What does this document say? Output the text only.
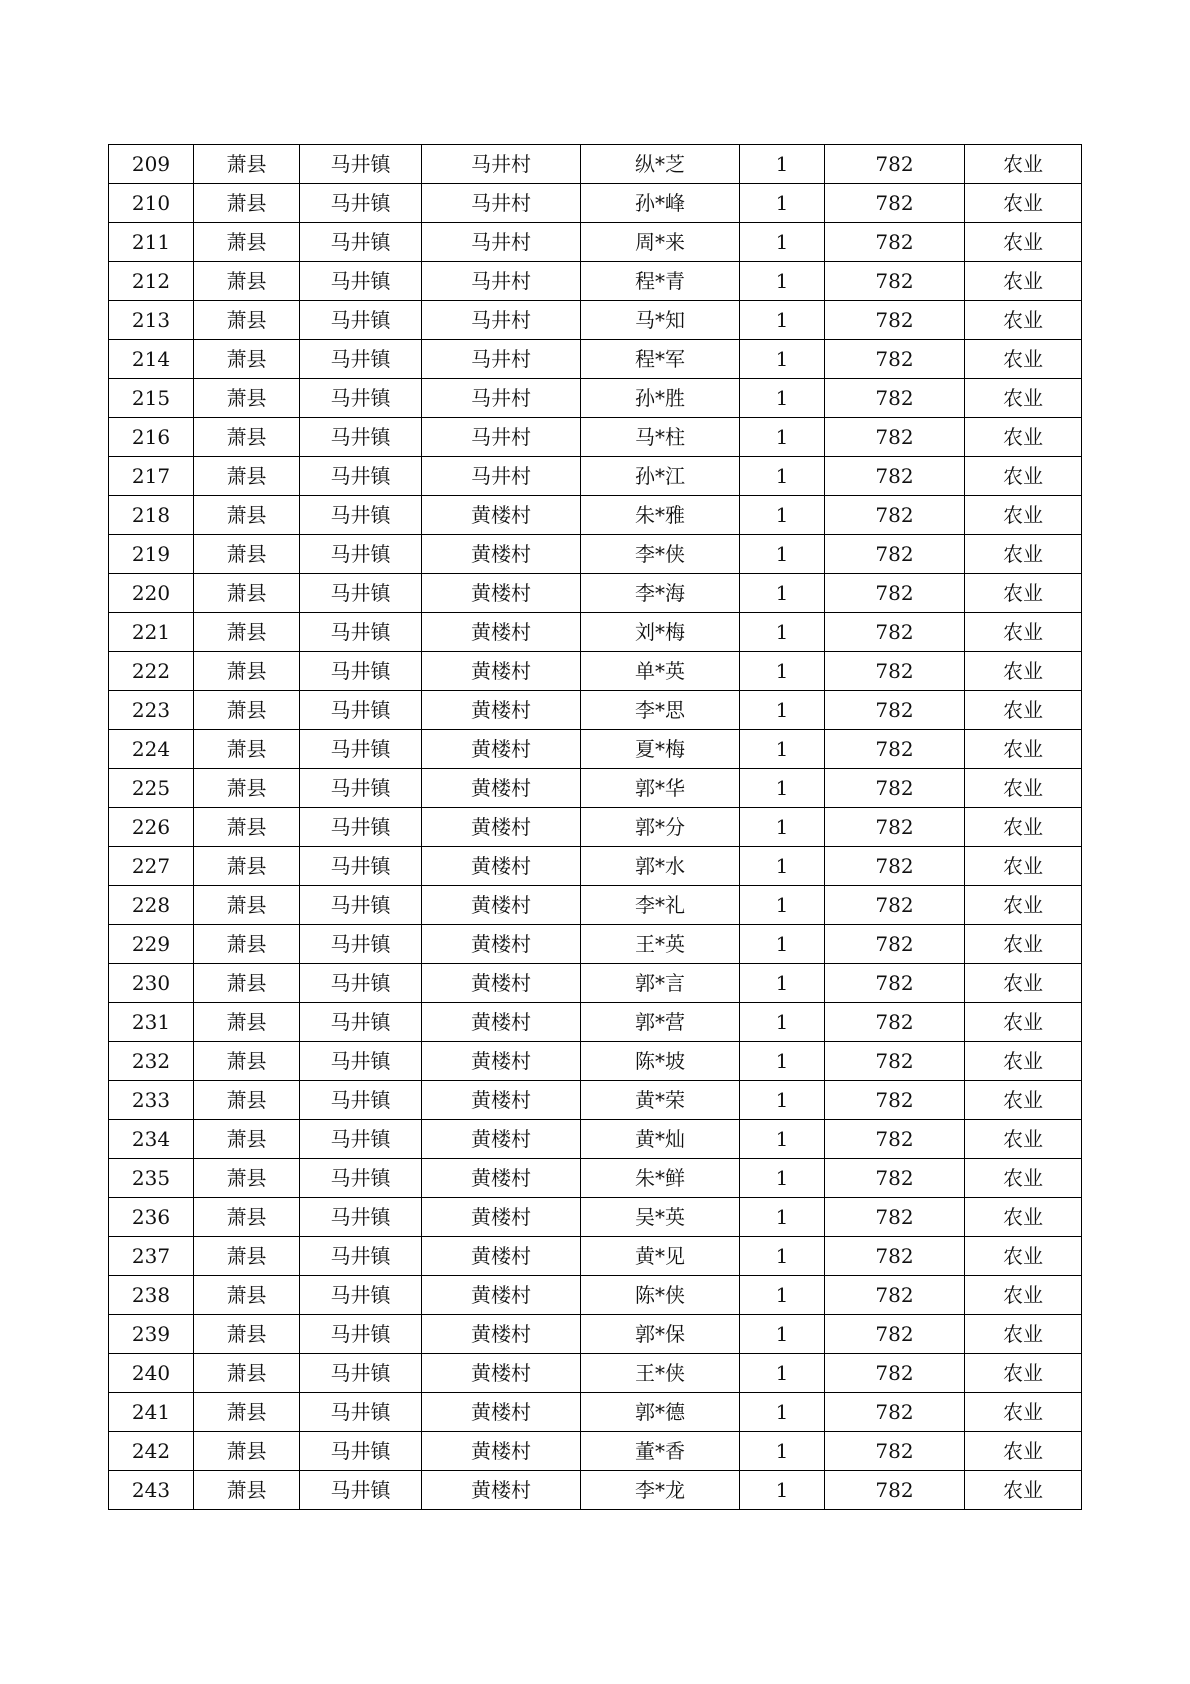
209	萧县	马井镇	马井村	纵*芝	1	782	农业
210	萧县	马井镇	马井村	孙*峰	1	782	农业
211	萧县	马井镇	马井村	周*来	1	782	农业
212	萧县	马井镇	马井村	程*青	1	782	农业
213	萧县	马井镇	马井村	马*知	1	782	农业
214	萧县	马井镇	马井村	程*军	1	782	农业
215	萧县	马井镇	马井村	孙*胜	1	782	农业
216	萧县	马井镇	马井村	马*柱	1	782	农业
217	萧县	马井镇	马井村	孙*江	1	782	农业
218	萧县	马井镇	黄楼村	朱*雅	1	782	农业
219	萧县	马井镇	黄楼村	李*侠	1	782	农业
220	萧县	马井镇	黄楼村	李*海	1	782	农业
221	萧县	马井镇	黄楼村	刘*梅	1	782	农业
222	萧县	马井镇	黄楼村	单*英	1	782	农业
223	萧县	马井镇	黄楼村	李*思	1	782	农业
224	萧县	马井镇	黄楼村	夏*梅	1	782	农业
225	萧县	马井镇	黄楼村	郭*华	1	782	农业
226	萧县	马井镇	黄楼村	郭*分	1	782	农业
227	萧县	马井镇	黄楼村	郭*水	1	782	农业
228	萧县	马井镇	黄楼村	李*礼	1	782	农业
229	萧县	马井镇	黄楼村	王*英	1	782	农业
230	萧县	马井镇	黄楼村	郭*言	1	782	农业
231	萧县	马井镇	黄楼村	郭*营	1	782	农业
232	萧县	马井镇	黄楼村	陈*坡	1	782	农业
233	萧县	马井镇	黄楼村	黄*荣	1	782	农业
234	萧县	马井镇	黄楼村	黄*灿	1	782	农业
235	萧县	马井镇	黄楼村	朱*鲜	1	782	农业
236	萧县	马井镇	黄楼村	吴*英	1	782	农业
237	萧县	马井镇	黄楼村	黄*见	1	782	农业
238	萧县	马井镇	黄楼村	陈*侠	1	782	农业
239	萧县	马井镇	黄楼村	郭*保	1	782	农业
240	萧县	马井镇	黄楼村	王*侠	1	782	农业
241	萧县	马井镇	黄楼村	郭*德	1	782	农业
242	萧县	马井镇	黄楼村	董*香	1	782	农业
243	萧县	马井镇	黄楼村	李*龙	1	782	农业
